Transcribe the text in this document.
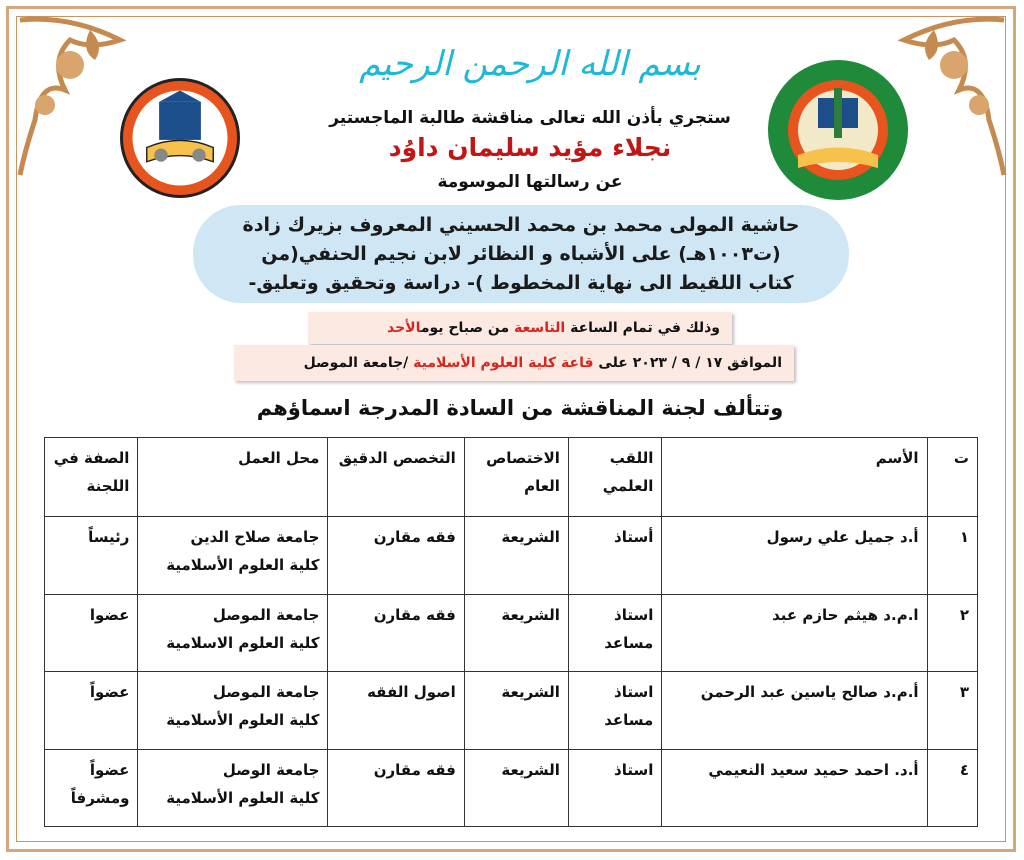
بسم الله الرحمن الرحيم
ستجري بأذن الله تعالى مناقشة طالبة الماجستير
نجلاء مؤيد سليمان داوُد
عن رسالتها الموسومة
حاشية المولى محمد بن محمد الحسيني المعروف بزيرك زادة
(ت١٠٠٣هـ) على الأشباه و النظائر لابن نجيم الحنفي(من
كتاب اللقيط الى نهاية المخطوط )- دراسة وتحقيق وتعليق-
وذلك في تمام الساعة التاسعة من صباح يومالأحد
الموافق ١٧ / ٩ / ٢٠٢٣ على قاعة كلية العلوم الأسلامية /جامعة الموصل
وتتألف لجنة المناقشة من السادة المدرجة اسماؤهم
ت	الأسم	اللقب العلمي	الاختصاص العام	التخصص الدقيق	محل العمل	الصفة في اللجنة
١	أ.د جميل علي رسول	أستاذ	الشريعة	فقه مقارن	جامعة صلاح الدين
كلية العلوم الأسلامية	رئيساً
٢	ا.م.د هيثم حازم عبد	استاذ مساعد	الشريعة	فقه مقارن	جامعة الموصل
كلية العلوم الاسلامية	عضوا
٣	أ.م.د صالح ياسين عبد الرحمن	استاذ مساعد	الشريعة	اصول الفقه	جامعة الموصل
كلية العلوم الأسلامية	عضواً
٤	أ.د. احمد حميد سعيد النعيمي	استاذ	الشريعة	فقه مقارن	جامعة الوصل
كلية العلوم الأسلامية	عضواً ومشرفاً
